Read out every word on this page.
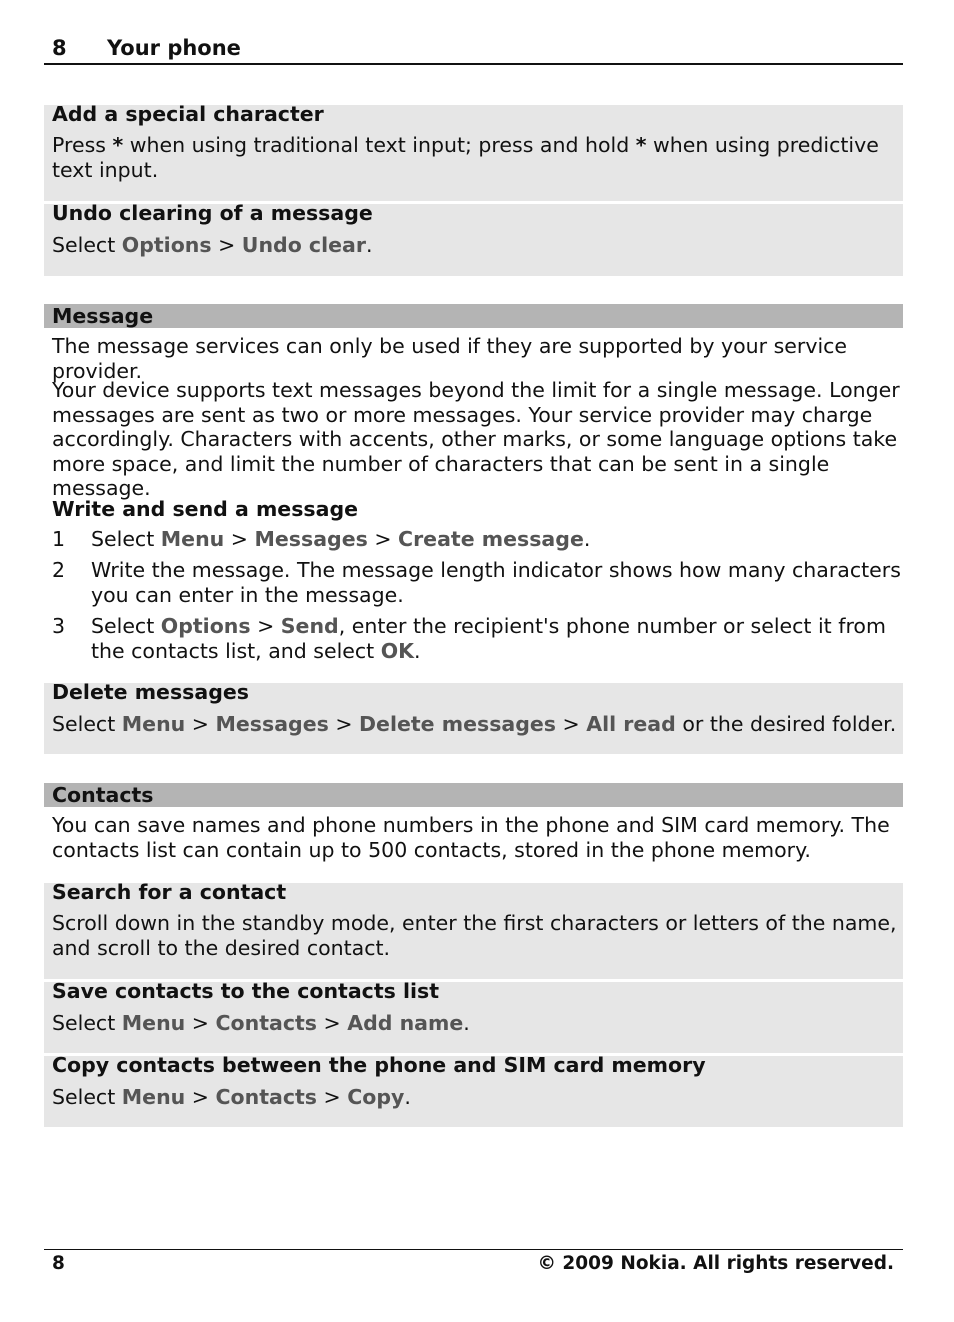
8 Your phone
Add a special character
Press * when using traditional text input; press and hold * when using predictive text input.
Undo clearing of a message
Select Options > Undo clear.
Message
The message services can only be used if they are supported by your service provider.
Your device supports text messages beyond the limit for a single message. Longer messages are sent as two or more messages. Your service provider may charge accordingly. Characters with accents, other marks, or some language options take more space, and limit the number of characters that can be sent in a single message.
Write and send a message
1 Select Menu > Messages > Create message.
2 Write the message. The message length indicator shows how many characters you can enter in the message.
3 Select Options > Send, enter the recipient's phone number or select it from the contacts list, and select OK.
Delete messages
Select Menu > Messages > Delete messages > All read or the desired folder.
Contacts
You can save names and phone numbers in the phone and SIM card memory. The contacts list can contain up to 500 contacts, stored in the phone memory.
Search for a contact
Scroll down in the standby mode, enter the first characters or letters of the name, and scroll to the desired contact.
Save contacts to the contacts list
Select Menu > Contacts > Add name.
Copy contacts between the phone and SIM card memory
Select Menu > Contacts > Copy.
8	© 2009 Nokia. All rights reserved.
